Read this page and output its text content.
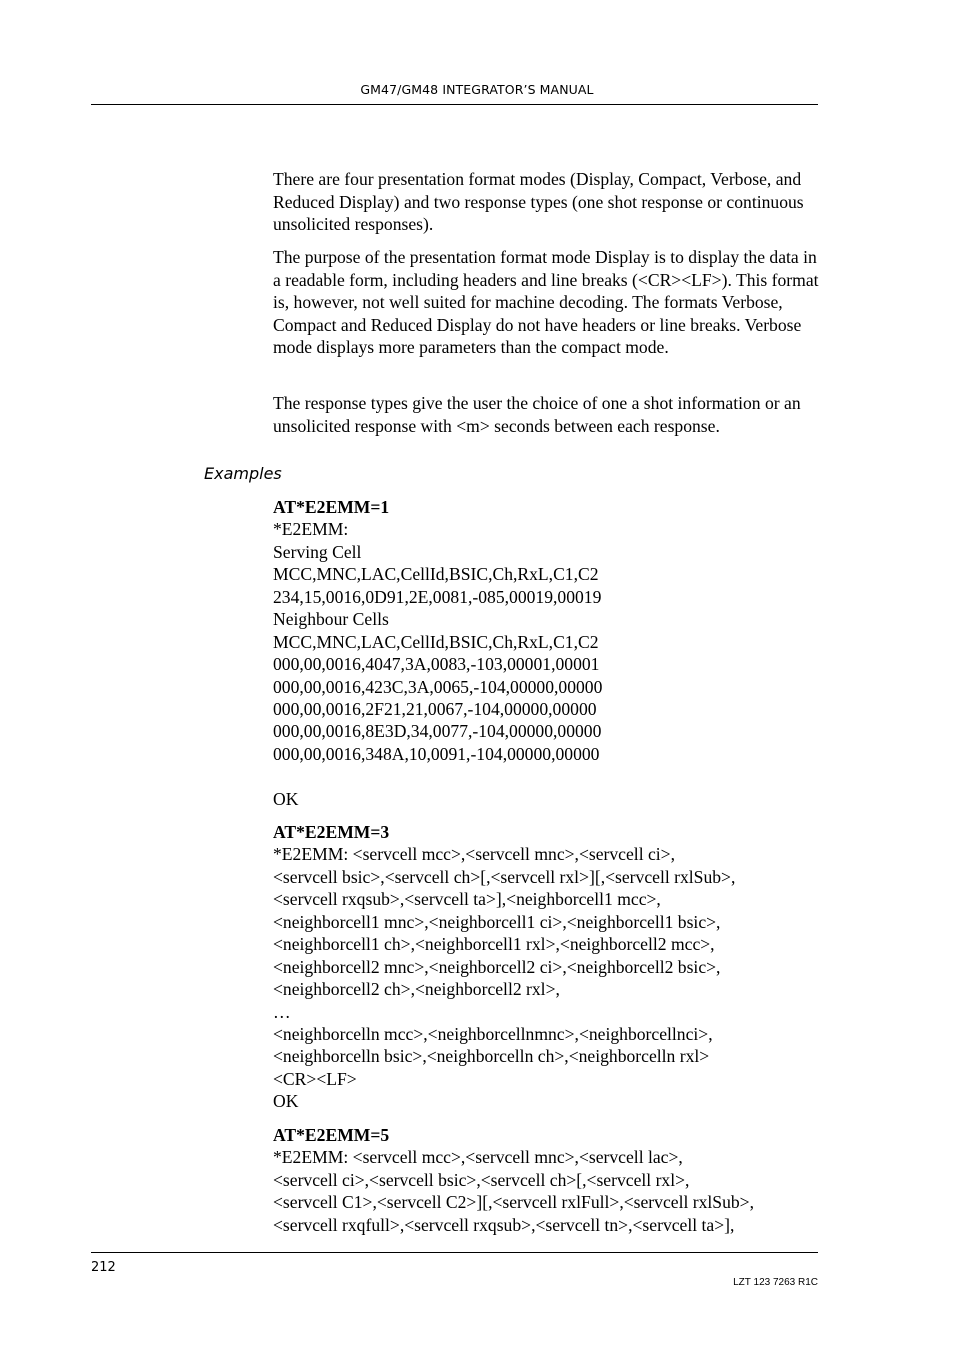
GM47/GM48 INTEGRATOR’S MANUAL

There are four presentation format modes (Display, Compact, Verbose, and Reduced Display) and two response types (one shot response or continuous unsolicited responses).

The purpose of the presentation format mode Display is to display the data in a readable form, including headers and line breaks (<CR><LF>). This format is, however, not well suited for machine decoding. The formats Verbose, Compact and Reduced Display do not have headers or line breaks. Verbose mode displays more parameters than the compact mode.

The response types give the user the choice of one a shot information or an unsolicited response with <m> seconds between each response.

Examples
AT*E2EMM=1
*E2EMM:
Serving Cell
MCC,MNC,LAC,CellId,BSIC,Ch,RxL,C1,C2
234,15,0016,0D91,2E,0081,-085,00019,00019
Neighbour Cells
MCC,MNC,LAC,CellId,BSIC,Ch,RxL,C1,C2
000,00,0016,4047,3A,0083,-103,00001,00001
000,00,0016,423C,3A,0065,-104,00000,00000
000,00,0016,2F21,21,0067,-104,00000,00000
000,00,0016,8E3D,34,0077,-104,00000,00000
000,00,0016,348A,10,0091,-104,00000,00000
OK
AT*E2EMM=3
*E2EMM: <servcell mcc>,<servcell mnc>,<servcell ci>,
<servcell bsic>,<servcell ch>[,<servcell rxl>][,<servcell rxlSub>,
<servcell rxqsub>,<servcell ta>],<neighborcell1 mcc>,
<neighborcell1 mnc>,<neighborcell1 ci>,<neighborcell1 bsic>,
<neighborcell1 ch>,<neighborcell1 rxl>,<neighborcell2 mcc>,
<neighborcell2 mnc>,<neighborcell2 ci>,<neighborcell2 bsic>,
<neighborcell2 ch>,<neighborcell2 rxl>,
…
<neighborcelln mcc>,<neighborcellnmnc>,<neighborcellnci>,
<neighborcelln bsic>,<neighborcelln ch>,<neighborcelln rxl>
<CR><LF>
OK
AT*E2EMM=5
*E2EMM: <servcell mcc>,<servcell mnc>,<servcell lac>,
<servcell ci>,<servcell bsic>,<servcell ch>[,<servcell rxl>,
<servcell C1>,<servcell C2>][,<servcell rxlFull>,<servcell rxlSub>,
<servcell rxqfull>,<servcell rxqsub>,<servcell tn>,<servcell ta>],
212
LZT 123 7263 R1C
